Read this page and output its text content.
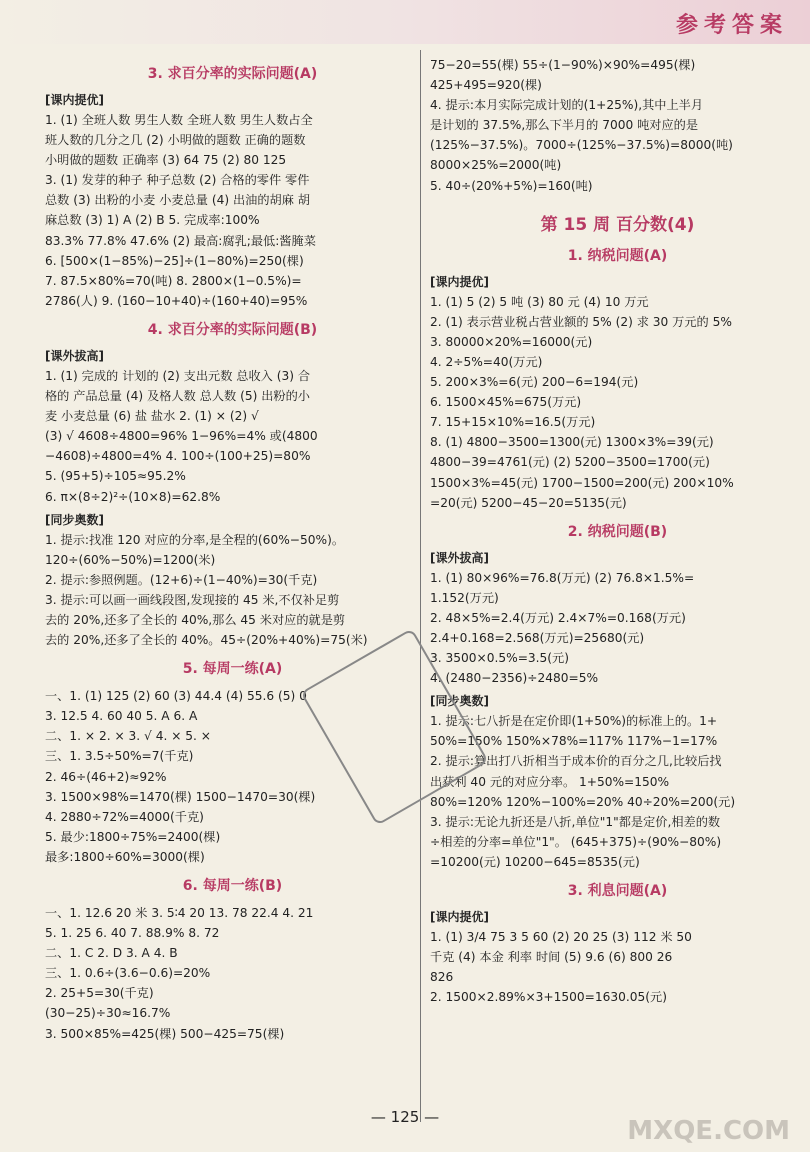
参考答案
3. 求百分率的实际问题(A)
[课内提优]
1. (1) 全班人数 男生人数 全班人数 男生人数占全
班人数的几分之几 (2) 小明做的题数 正确的题数
小明做的题数 正确率 (3) 64 75 (2) 80 125
3. (1) 发芽的种子 种子总数 (2) 合格的零件 零件
总数 (3) 出粉的小麦 小麦总量 (4) 出油的胡麻 胡
麻总数 (3) 1) A (2) B 5. 完成率:100%
83.3% 77.8% 47.6% (2) 最高:腐乳;最低:酱腌菜
6. [500×(1−85%)−25]÷(1−80%)=250(棵)
7. 87.5×80%=70(吨) 8. 2800×(1−0.5%)=
2786(人) 9. (160−10+40)÷(160+40)=95%
4. 求百分率的实际问题(B)
[课外拔高]
1. (1) 完成的 计划的 (2) 支出元数 总收入 (3) 合
格的 产品总量 (4) 及格人数 总人数 (5) 出粉的小
麦 小麦总量 (6) 盐 盐水 2. (1) × (2) √
(3) √ 4608÷4800=96% 1−96%=4% 或(4800
−4608)÷4800=4% 4. 100÷(100+25)=80%
5. (95+5)÷105≈95.2%
6. π×(8÷2)²÷(10×8)=62.8%
[同步奥数]
1. 提示:找准 120 对应的分率,是全程的(60%−50%)。
120÷(60%−50%)=1200(米)
2. 提示:参照例题。(12+6)÷(1−40%)=30(千克)
3. 提示:可以画一画线段图,发现接的 45 米,不仅补足剪
去的 20%,还多了全长的 40%,那么 45 米对应的就是剪
去的 20%,还多了全长的 40%。45÷(20%+40%)=75(米)
5. 每周一练(A)
一、1. (1) 125 (2) 60 (3) 44.4 (4) 55.6 (5) 0
3. 12.5 4. 60 40 5. A 6. A
二、1. × 2. × 3. √ 4. × 5. ×
三、1. 3.5÷50%=7(千克)
2. 46÷(46+2)≈92%
3. 1500×98%=1470(棵) 1500−1470=30(棵)
4. 2880÷72%=4000(千克)
5. 最少:1800÷75%=2400(棵)
最多:1800÷60%=3000(棵)
6. 每周一练(B)
一、1. 12.6 20 米 3. 5∶4 20 13. 78 22.4 4. 21
5. 1. 25 6. 40 7. 88.9% 8. 72
二、1. C 2. D 3. A 4. B
三、1. 0.6÷(3.6−0.6)=20%
2. 25+5=30(千克)
(30−25)÷30≈16.7%
3. 500×85%=425(棵) 500−425=75(棵)
75−20=55(棵) 55÷(1−90%)×90%=495(棵)
425+495=920(棵)
4. 提示:本月实际完成计划的(1+25%),其中上半月
是计划的 37.5%,那么下半月的 7000 吨对应的是
(125%−37.5%)。7000÷(125%−37.5%)=8000(吨)
8000×25%=2000(吨)
5. 40÷(20%+5%)=160(吨)
第 15 周 百分数(4)
1. 纳税问题(A)
[课内提优]
1. (1) 5 (2) 5 吨 (3) 80 元 (4) 10 万元
2. (1) 表示营业税占营业额的 5% (2) 求 30 万元的 5%
3. 80000×20%=16000(元)
4. 2÷5%=40(万元)
5. 200×3%=6(元) 200−6=194(元)
6. 1500×45%=675(万元)
7. 15+15×10%=16.5(万元)
8. (1) 4800−3500=1300(元) 1300×3%=39(元)
4800−39=4761(元) (2) 5200−3500=1700(元)
1500×3%=45(元) 1700−1500=200(元) 200×10%
=20(元) 5200−45−20=5135(元)
2. 纳税问题(B)
[课外拔高]
1. (1) 80×96%=76.8(万元) (2) 76.8×1.5%=
1.152(万元)
2. 48×5%=2.4(万元) 2.4×7%=0.168(万元)
2.4+0.168=2.568(万元)=25680(元)
3. 3500×0.5%=3.5(元)
4. (2480−2356)÷2480=5%
[同步奥数]
1. 提示:七八折是在定价即(1+50%)的标准上的。1+
50%=150% 150%×78%=117% 117%−1=17%
2. 提示:算出打八折相当于成本价的百分之几,比较后找
出获利 40 元的对应分率。 1+50%=150%
80%=120% 120%−100%=20% 40÷20%=200(元)
3. 提示:无论九折还是八折,单位"1"都是定价,相差的数
÷相差的分率=单位"1"。 (645+375)÷(90%−80%)
=10200(元) 10200−645=8535(元)
3. 利息问题(A)
[课内提优]
1. (1) 3/4 75 3 5 60 (2) 20 25 (3) 112 米 50
千克 (4) 本金 利率 时间 (5) 9.6 (6) 800 26
826
2. 1500×2.89%×3+1500=1630.05(元)
— 125 —	MXQE.COM
